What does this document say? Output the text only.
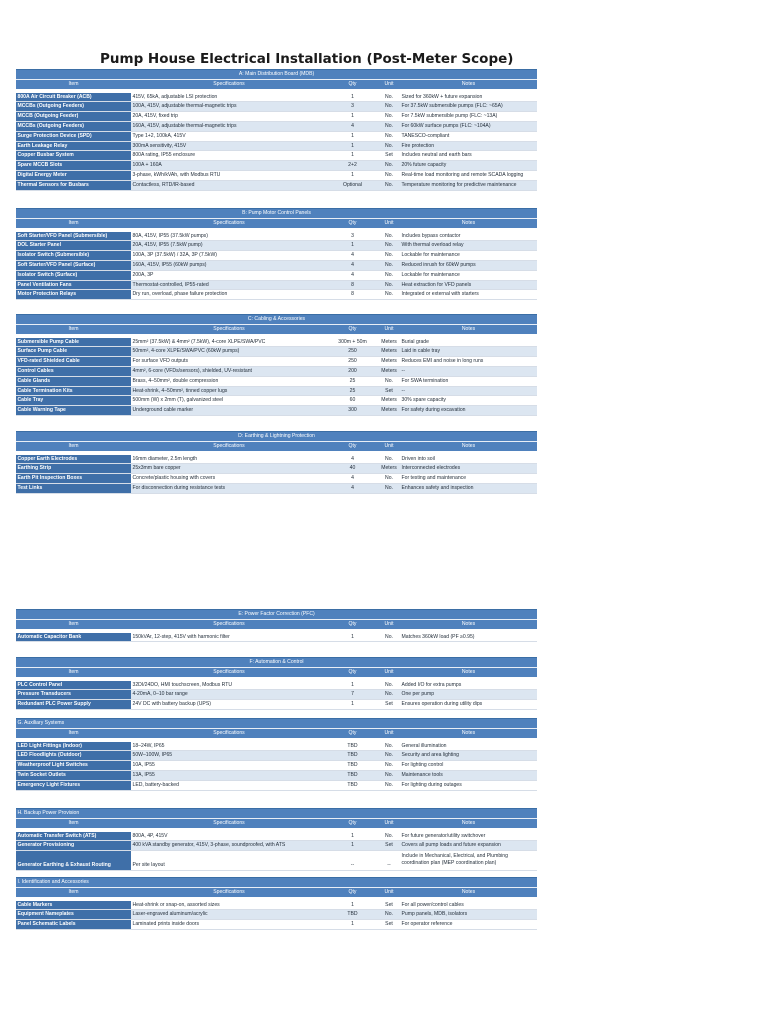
Pump House Electrical Installation (Post-Meter Scope)
A: Main Distribution Board (MDB)				
Item	Specifications	Qty	Unit	Notes

800A Air Circuit Breaker (ACB)	415V, 65kA, adjustable LSI protection	1	No.	Sized for 360kW + future expansion
MCCBs (Outgoing Feeders)	100A, 415V, adjustable thermal-magnetic trips	3	No.	For 37.5kW submersible pumps (FLC: ~65A)
MCCB (Outgoing Feeder)	20A, 415V, fixed trip	1	No.	For 7.5kW submersible pump (FLC: ~13A)
MCCBs (Outgoing Feeders)	160A, 415V, adjustable thermal-magnetic trips	4	No.	For 60kW surface pumps (FLC: ~104A)
Surge Protection Device (SPD)	Type 1+2, 100kA, 415V	1	No.	TANESCO-compliant
Earth Leakage Relay	300mA sensitivity, 415V	1	No.	Fire protection
Copper Busbar System	800A rating, IP55 enclosure	1	Set	Includes neutral and earth bars
Spare MCCB Slots	100A + 160A	2+2	No.	20% future capacity
Digital Energy Meter	3-phase, kWh/kVAh, with Modbus RTU	1	No.	Real-time load monitoring and remote SCADA logging
Thermal Sensors for Busbars	Contactless, RTD/IR-based	Optional	No.	Temperature monitoring for predictive maintenance
B: Pump Motor Control Panels				
Item	Specifications	Qty	Unit	Notes

Soft Starter/VFD Panel (Submersible)	80A, 415V, IP55 (37.5kW pumps)	3	No.	Includes bypass contactor
DOL Starter Panel	20A, 415V, IP55 (7.5kW pump)	1	No.	With thermal overload relay
Isolator Switch (Submersible)	100A, 3P (37.5kW) / 32A, 3P (7.5kW)	4	No.	Lockable for maintenance
Soft Starter/VFD Panel (Surface)	160A, 415V, IP55 (60kW pumps)	4	No.	Reduced inrush for 60kW pumps
Isolator Switch (Surface)	200A, 3P	4	No.	Lockable for maintenance
Panel Ventilation Fans	Thermostat-controlled, IP55-rated	8	No.	Heat extraction for VFD panels
Motor Protection Relays	Dry run, overload, phase failure protection	8	No.	Integrated or external with starters
C: Cabling & Accessories				
Item	Specifications	Qty	Unit	Notes

Submersible Pump Cable	25mm² (37.5kW) & 4mm² (7.5kW), 4-core XLPE/SWA/PVC	300m + 50m	Meters	Burial grade
Surface Pump Cable	50mm², 4-core XLPE/SWA/PVC (60kW pumps)	250	Meters	Laid in cable tray
VFD-rated Shielded Cable	For surface VFD outputs	250	Meters	Reduces EMI and noise in long runs
Control Cables	4mm², 6-core (VFDs/sensors), shielded, UV-resistant	200	Meters	--
Cable Glands	Brass, 4–50mm², double compression	25	No.	For SWA termination
Cable Termination Kits	Heat-shrink, 4–50mm², tinned copper lugs	25	Set	--
Cable Tray	500mm (W) x 2mm (T), galvanized steel	60	Meters	30% spare capacity
Cable Warning Tape	Underground cable marker	300	Meters	For safety during excavation
D: Earthing & Lightning Protection				
Item	Specifications	Qty	Unit	Notes

Copper Earth Electrodes	16mm diameter, 2.5m length	4	No.	Driven into soil
Earthing Strip	25x3mm bare copper	40	Meters	Interconnected electrodes
Earth Pit Inspection Boxes	Concrete/plastic housing with covers	4	No.	For testing and maintenance
Test Links	For disconnection during resistance tests	4	No.	Enhances safety and inspection
E: Power Factor Correction (PFC)				
Item	Specifications	Qty	Unit	Notes

Automatic Capacitor Bank	150kVAr, 12-step, 415V with harmonic filter	1	No.	Matches 360kW load (PF ≥0.95)
F: Automation & Control				
Item	Specifications	Qty	Unit	Notes

PLC Control Panel	32DI/24DO, HMI touchscreen, Modbus RTU	1	No.	Added I/O for extra pumps
Pressure Transducers	4-20mA, 0–10 bar range	7	No.	One per pump
Redundant PLC Power Supply	24V DC with battery backup (UPS)	1	Set	Ensures operation during utility dips
G. Auxiliary Systems				
Item	Specifications	Qty	Unit	Notes

LED Light Fittings (Indoor)	18–24W, IP65	TBD	No.	General illumination
LED Floodlights (Outdoor)	50W–100W, IP65	TBD	No.	Security and area lighting
Weatherproof Light Switches	10A, IP55	TBD	No.	For lighting control
Twin Socket Outlets	13A, IP55	TBD	No.	Maintenance tools
Emergency Light Fixtures	LED, battery-backed	TBD	No.	For lighting during outages
H. Backup Power Provision				
Item	Specifications	Qty	Unit	Notes

Automatic Transfer Switch (ATS)	800A, 4P, 415V	1	No.	For future generator/utility switchover
Generator Provisioning	400 kVA standby generator, 415V, 3-phase, soundproofed, with ATS	1	Set	Covers all pump loads and future expansion
Generator Earthing & Exhaust Routing	Per site layout	--	--	Include in Mechanical, Electrical, and Plumbing coordination plan (MEP coordination plan)
I. Identification and Accessories				
Item	Specifications	Qty	Unit	Notes

Cable Markers	Heat-shrink or snap-on, assorted sizes	1	Set	For all power/control cables
Equipment Nameplates	Laser-engraved aluminum/acrylic	TBD	No.	Pump panels, MDB, isolators
Panel Schematic Labels	Laminated prints inside doors	1	Set	For operator reference
